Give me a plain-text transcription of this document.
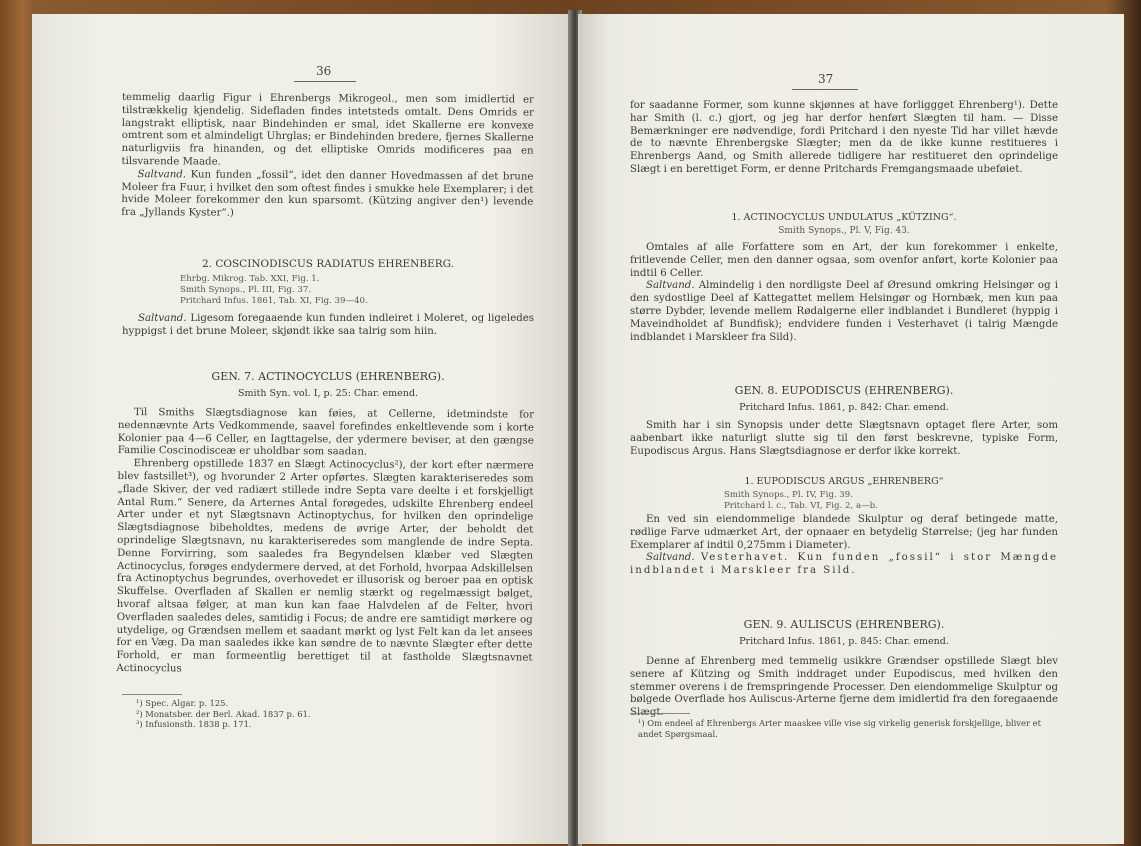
36

temmelig daarlig Figur i Ehrenbergs Mikrogeol., men som imidlertid er tilstrækkelig kjendelig. Sidefladen findes intetsteds omtalt. Dens Omrids er langstrakt elliptisk, naar Bindehinden er smal, idet Skallerne ere konvexe omtrent som et almindeligt Uhrglas; er Bindehinden bredere, fjernes Skallerne naturligviis fra hinanden, og det elliptiske Omrids modificeres paa en tilsvarende Maade.

Saltvand. Kun funden „fossil“, idet den danner Hovedmassen af det brune Moleer fra Fuur, i hvilket den som oftest findes i smukke hele Exemplarer; i det hvide Moleer forekommer den kun sparsomt. (Kützing angiver den¹) levende fra „Jyllands Kyster“.)

2. COSCINODISCUS RADIATUS EHRENBERG.
Ehrbg. Mikrog. Tab. XXI, Fig. 1.
Smith Synops., Pl. III, Fig. 37.
Pritchard Infus. 1861, Tab. XI, Fig. 39—40.

Saltvand. Ligesom foregaaende kun funden indleiret i Moleret, og ligeledes hyppigst i det brune Moleer, skjøndt ikke saa talrig som hiin.

GEN. 7. ACTINOCYCLUS (EHRENBERG).
Smith Syn. vol. I, p. 25: Char. emend.

Til Smiths Slægtsdiagnose kan føies, at Cellerne, idetmindste for nedennævnte Arts Vedkommende, saavel forefindes enkeltlevende som i korte Kolonier paa 4—6 Celler, en Iagttagelse, der ydermere beviser, at den gængse Familie Coscinodisceæ er uholdbar som saadan.

Ehrenberg opstillede 1837 en Slægt Actinocyclus²), der kort efter nærmere blev fastsillet³), og hvorunder 2 Arter opførtes. Slægten karakteriseredes som „flade Skiver, der ved radiært stillede indre Septa vare deelte i et forskjelligt Antal Rum.“ Senere, da Arternes Antal forøgedes, udskilte Ehrenberg endeel Arter under et nyt Slægtsnavn Actinoptychus, for hvilken den oprindelige Slægtsdiagnose bibeholdtes, medens de øvrige Arter, der beholdt det oprindelige Slægtsnavn, nu karakteriseredes som manglende de indre Septa. Denne Forvirring, som saaledes fra Begyndelsen klæber ved Slægten Actinocyclus, forøges endydermere derved, at det Forhold, hvorpaa Adskillelsen fra Actinoptychus begrundes, overhovedet er illusorisk og beroer paa en optisk Skuffelse. Overfladen af Skallen er nemlig stærkt og regelmæssigt bølget, hvoraf altsaa følger, at man kun kan faae Halvdelen af de Felter, hvori Overfladen saaledes deles, samtidig i Focus; de andre ere samtidigt mørkere og utydelige, og Grændsen mellem et saadant mørkt og lyst Felt kan da let ansees for en Væg. Da man saaledes ikke kan søndre de to nævnte Slægter efter dette Forhold, er man formeentlig berettiget til at fastholde Slægtsnavnet Actinocyclus

¹) Spec. Algar. p. 125.
²) Monatsber. der Berl. Akad. 1837 p. 61.
³) Infusionsth. 1838 p. 171.
37

for saadanne Former, som kunne skjønnes at have forliggget Ehrenberg¹). Dette har Smith (l. c.) gjort, og jeg har derfor henført Slægten til ham. — Disse Bemærkninger ere nødvendige, fordi Pritchard i den nyeste Tid har villet hævde de to nævnte Ehrenbergske Slægter; men da de ikke kunne restitueres i Ehrenbergs Aand, og Smith allerede tidligere har restitueret den oprindelige Slægt i en berettiget Form, er denne Pritchards Fremgangsmaade ubeføiet.

1. ACTINOCYCLUS UNDULATUS „KÜTZING“.
Smith Synops., Pl. V, Fig. 43.

Omtales af alle Forfattere som en Art, der kun forekommer i enkelte, fritlevende Celler, men den danner ogsaa, som ovenfor anført, korte Kolonier paa indtil 6 Celler.

Saltvand. Almindelig i den nordligste Deel af Øresund omkring Helsingør og i den sydostlige Deel af Kattegattet mellem Helsingør og Hornbæk, men kun paa større Dybder, levende mellem Rødalgerne eller indblandet i Bundleret (hyppig i Maveindholdet af Bundfisk); endvidere funden i Vesterhavet (i talrig Mængde indblandet i Marsklеer fra Sild).

GEN. 8. EUPODISCUS (EHRENBERG).
Pritchard Infus. 1861, p. 842: Char. emend.

Smith har i sin Synopsis under dette Slægtsnavn optaget flere Arter, som aabenbart ikke naturligt slutte sig til den først beskrevne, typiske Form, Eupodiscus Argus. Hans Slægtsdiagnose er derfor ikke korrekt.

1. EUPODISCUS ARGUS „EHRENBERG“
Smith Synops., Pl. IV, Fig. 39.
Pritchard l. c., Tab. VI, Fig. 2, a—b.

En ved sin eiendommelige blandede Skulptur og deraf betingede matte, rødlige Farve udmærket Art, der opnaaer en betydelig Størrelse; (jeg har funden Exemplarer af indtil 0,275mm i Diameter).

Saltvand. Vesterhavet. Kun funden „fossil“ i stor Mængde indblandet i Marsklеer fra Sild.

GEN. 9. AULISCUS (EHRENBERG).
Pritchard Infus. 1861, p. 845: Char. emend.

Denne af Ehrenberg med temmelig usikkre Grændser opstillede Slægt blev senere af Kützing og Smith inddraget under Eupodiscus, med hvilken den stemmer overens i de fremspringende Processer. Den eiendommelige Skulptur og bølgede Overflade hos Auliscus-Arterne fjerne dem imidlertid fra den foregaaende Slægt.

¹) Om endeel af Ehrenbergs Arter maaskee ville vise sig virkelig generisk forskjellige, bliver et andet Spørgsmaal.
